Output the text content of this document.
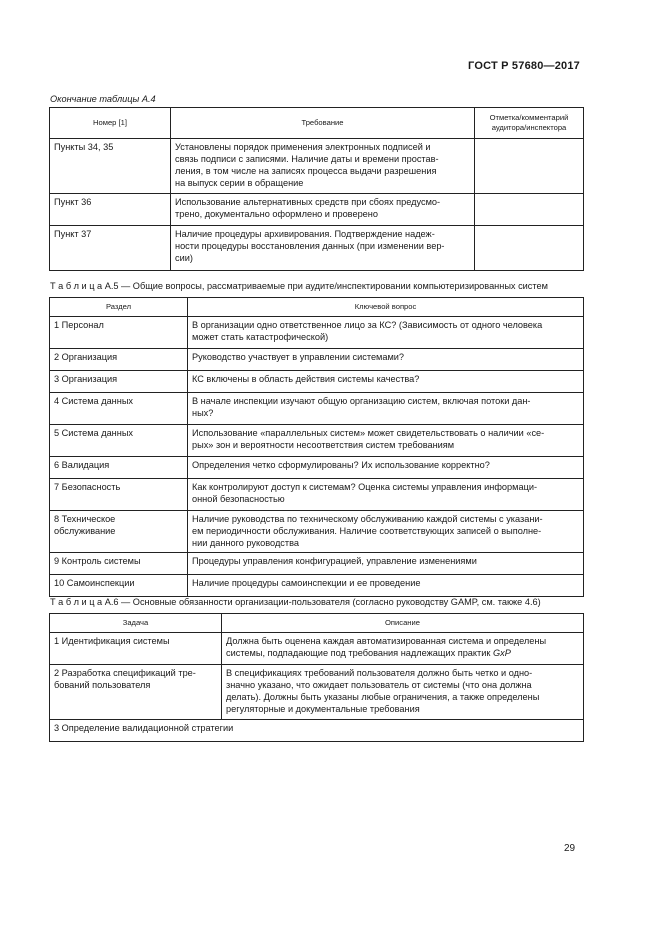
ГОСТ Р 57680—2017
Окончание таблицы А.4
Номер [1]	Требование	Отметка/комментарий
аудитора/инспектора
Пункты 34, 35	Установлены порядок применения электронных подписей и
связь подписи с записями. Наличие даты и времени простав-
ления, в том числе на записях процесса выдачи разрешения
на выпуск серии в обращение	
Пункт 36	Использование альтернативных средств при сбоях предусмо-
трено, документально оформлено и проверено	
Пункт 37	Наличие процедуры архивирования. Подтверждение надеж-
ности процедуры восстановления данных (при изменении вер-
сии)	
Т а б л и ц а А.5 — Общие вопросы, рассматриваемые при аудите/инспектировании компьютеризированных систем
Раздел	Ключевой вопрос
1 Персонал	В организации одно ответственное лицо за КС? (Зависимость от одного человека
может стать катастрофической)
2 Организация	Руководство участвует в управлении системами?
3 Организация	КС включены в область действия системы качества?
4 Система данных	В начале инспекции изучают общую организацию систем, включая потоки дан-
ных?
5 Система данных	Использование «параллельных систем» может свидетельствовать о наличии «се-
рых» зон и вероятности несоответствия систем требованиям
6 Валидация	Определения четко сформулированы? Их использование корректно?
7 Безопасность	Как контролируют доступ к системам? Оценка системы управления информаци-
онной безопасностью
8 Техническое
обслуживание	Наличие руководства по техническому обслуживанию каждой системы с указани-
ем периодичности обслуживания. Наличие соответствующих записей о выполне-
нии данного руководства
9 Контроль системы	Процедуры управления конфигурацией, управление изменениями
10 Самоинспекции	Наличие процедуры самоинспекции и ее проведение
Т а б л и ц а А.6 — Основные обязанности организации-пользователя (согласно руководству GAMP, см. также 4.6)
Задача	Описание
1 Идентификация системы	Должна быть оценена каждая автоматизированная система и определены
системы, подпадающие под требования надлежащих практик GxP
2 Разработка спецификаций тре-
бований пользователя	В спецификациях требований пользователя должно быть четко и одно-
значно указано, что ожидает пользователь от системы (что она должна
делать). Должны быть указаны любые ограничения, а также определены
регуляторные и документальные требования
3 Определение валидационной стратегии	
29
